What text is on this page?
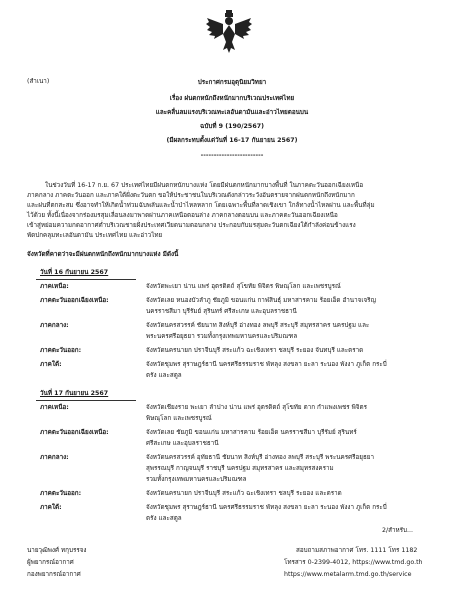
(สำเนา)	ประกาศกรมอุตุนิยมวิทยา
เรื่อง ฝนตกหนักถึงหนักมากบริเวณประเทศไทย
และคลื่นลมแรงบริเวณทะเลอันดามันและอ่าวไทยตอนบน
ฉบับที่ 9 (190/2567)
(มีผลกระทบตั้งแต่วันที่ 16-17 กันยายน 2567)
------------------------
ในช่วงวันที่ 16-17 ก.ย. 67 ประเทศไทยมีฝนตกหนักบางแห่ง โดยมีฝนตกหนักมากบางพื้นที่ ในภาคตะวันออกเฉียงเหนือ
ภาคกลาง ภาคตะวันออก และภาคใต้ฝั่งตะวันตก ขอให้ประชาชนในบริเวณดังกล่าวระวังอันตรายจากฝนตกหนักถึงหนักมาก
และฝนที่ตกสะสม ซึ่งอาจทำให้เกิดน้ำท่วมฉับพลันและน้ำป่าไหลหลาก โดยเฉพาะพื้นที่ลาดเชิงเขา ใกล้ทางน้ำไหลผ่าน และพื้นที่ลุ่ม
ไว้ด้วย ทั้งนี้เนื่องจากร่องมรสุมเลื่อนลงมาพาดผ่านภาคเหนือตอนล่าง ภาคกลางตอนบน และภาคตะวันออกเฉียงเหนือ
เข้าสู่หย่อมความกดอากาศต่ำบริเวณชายฝั่งประเทศเวียดนามตอนกลาง ประกอบกับมรสุมตะวันตกเฉียงใต้กำลังค่อนข้างแรง
พัดปกคลุมทะเลอันดามัน ประเทศไทย และอ่าวไทย
จังหวัดที่คาดว่าจะมีฝนตกหนักถึงหนักมากบางแห่ง มีดังนี้
วันที่ 16 กันยายน 2567
ภาคเหนือ:	จังหวัดพะเยา น่าน แพร่ อุตรดิตถ์ สุโขทัย พิจิตร พิษณุโลก และเพชรบูรณ์
ภาคตะวันออกเฉียงเหนือ:	จังหวัดเลย หนองบัวลำภู ชัยภูมิ ขอนแก่น กาฬสินธุ์ มหาสารคาม ร้อยเอ็ด อำนาจเจริญ
นครราชสีมา บุรีรัมย์ สุรินทร์ ศรีสะเกษ และอุบลราชธานี
ภาคกลาง:	จังหวัดนครสวรรค์ ชัยนาท สิงห์บุรี อ่างทอง ลพบุรี สระบุรี สมุทรสาคร นครปฐม และ
พระนครศรีอยุธยา รวมทั้งกรุงเทพมหานครและปริมณฑล
ภาคตะวันออก:	จังหวัดนครนายก ปราจีนบุรี สระแก้ว ฉะเชิงเทรา ชลบุรี ระยอง จันทบุรี และตราด
ภาคใต้:	จังหวัดชุมพร สุราษฎร์ธานี นครศรีธรรมราช พัทลุง สงขลา ยะลา ระนอง พังงา ภูเก็ต กระบี่
ตรัง และสตูล
วันที่ 17 กันยายน 2567
ภาคเหนือ:	จังหวัดเชียงราย พะเยา ลำปาง น่าน แพร่ อุตรดิตถ์ สุโขทัย ตาก กำแพงเพชร พิจิตร
พิษณุโลก และเพชรบูรณ์
ภาคตะวันออกเฉียงเหนือ:	จังหวัดเลย ชัยภูมิ ขอนแก่น มหาสารคาม ร้อยเอ็ด นครราชสีมา บุรีรัมย์ สุรินทร์
ศรีสะเกษ และอุบลราชธานี
ภาคกลาง:	จังหวัดนครสวรรค์ อุทัยธานี ชัยนาท สิงห์บุรี อ่างทอง ลพบุรี สระบุรี พระนครศรีอยุธยา
สุพรรณบุรี กาญจนบุรี ราชบุรี นครปฐม สมุทรสาคร และสมุทรสงคราม
รวมทั้งกรุงเทพมหานครและปริมณฑล
ภาคตะวันออก:	จังหวัดนครนายก ปราจีนบุรี สระแก้ว ฉะเชิงเทรา ชลบุรี ระยอง และตราด
ภาคใต้:	จังหวัดชุมพร สุราษฎร์ธานี นครศรีธรรมราช พัทลุง สงขลา ยะลา ระนอง พังงา ภูเก็ต กระบี่
ตรัง และสตูล
2/สำหรับ...
นายวุฒิพงศ์ ทกุบรรจง
ผู้พยากรณ์อากาศ
กองพยากรณ์อากาศ
สอบถามสภาพอากาศ โทร. 1111 โทร 1182
โทรสาร 0-2399-4012, https://www.tmd.go.th
https://www.metalarm.tmd.go.th/service
